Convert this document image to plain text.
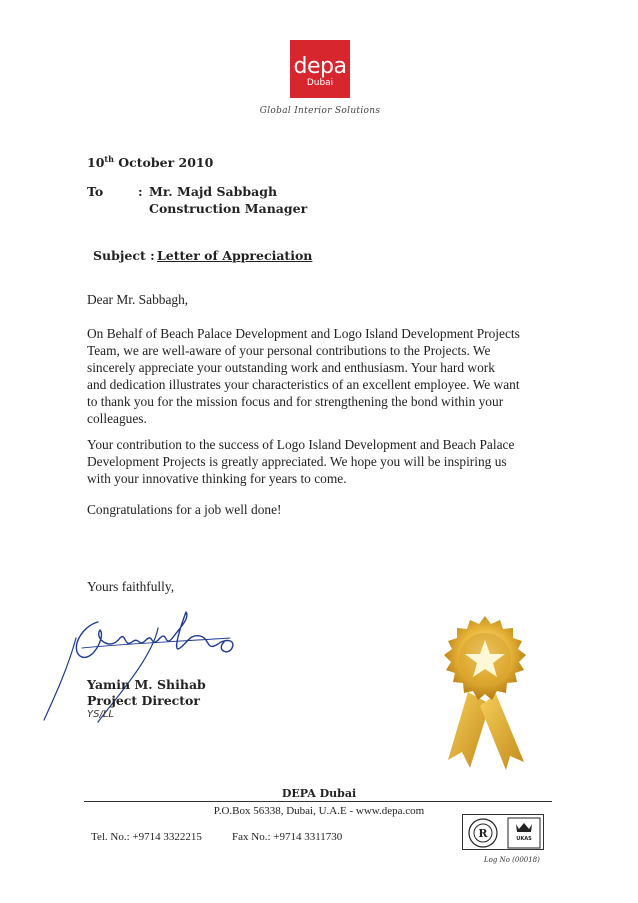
depa
Dubai
Global Interior Solutions
10th October 2010
To	: Mr. Majd Sabbagh
Construction Manager
Subject : Letter of Appreciation
Dear Mr. Sabbagh,
On Behalf of Beach Palace Development and Logo Island Development Projects
Team, we are well-aware of your personal contributions to the Projects. We
sincerely appreciate your outstanding work and enthusiasm. Your hard work
and dedication illustrates your characteristics of an excellent employee. We want
to thank you for the mission focus and for strengthening the bond within your
colleagues.
Your contribution to the success of Logo Island Development and Beach Palace
Development Projects is greatly appreciated. We hope you will be inspiring us
with your innovative thinking for years to come.
Congratulations for a job well done!
Yours faithfully,
Yamin M. Shihab
Project Director
YS/LL
DEPA Dubai
P.O.Box 56338, Dubai, U.A.E - www.depa.com
Tel. No.: +9714 3322215	Fax No.: +9714 3311730	R	UKAS
Log No (00018)
